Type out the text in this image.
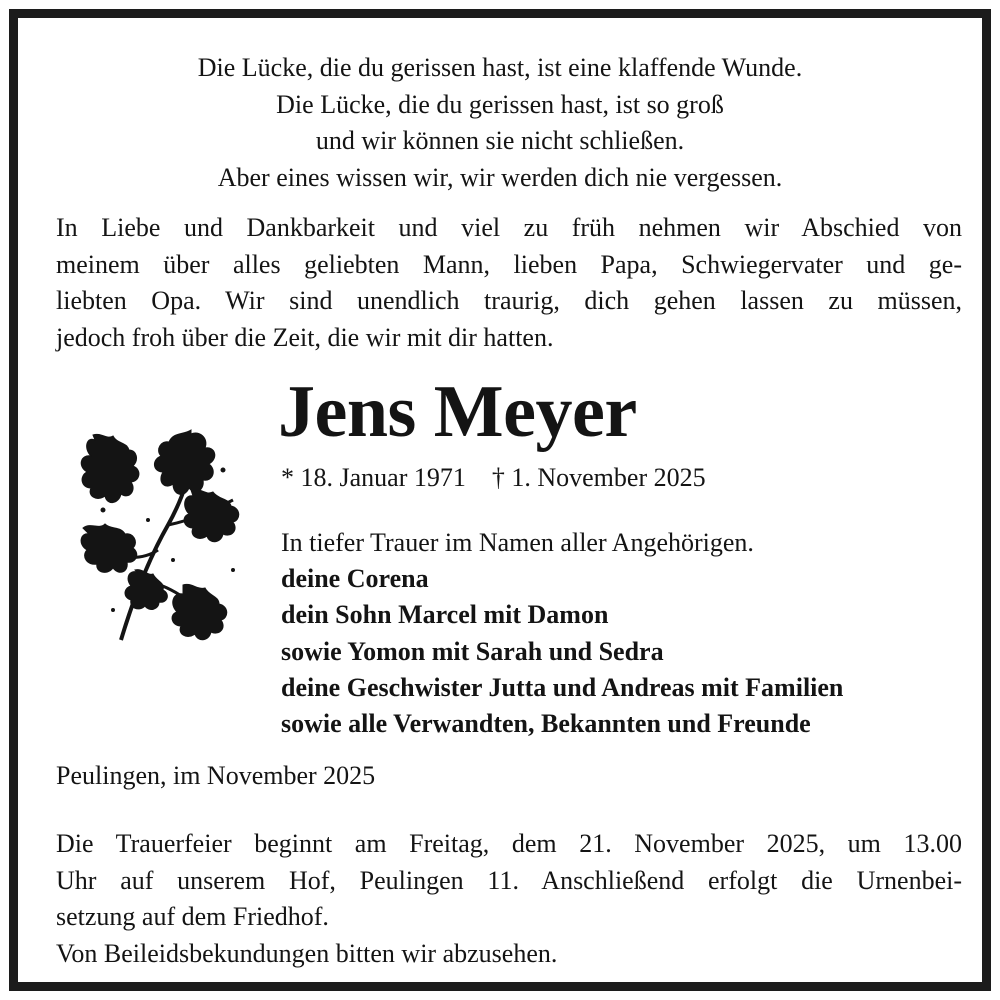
Die Lücke, die du gerissen hast, ist eine klaffende Wunde.
Die Lücke, die du gerissen hast, ist so groß
und wir können sie nicht schließen.
Aber eines wissen wir, wir werden dich nie vergessen.
In Liebe und Dankbarkeit und viel zu früh nehmen wir Abschied von
meinem über alles geliebten Mann, lieben Papa, Schwiegervater und ge-
liebten Opa. Wir sind unendlich traurig, dich gehen lassen zu müssen,
jedoch froh über die Zeit, die wir mit dir hatten.
Jens Meyer
* 18. Januar 1971 † 1. November 2025
In tiefer Trauer im Namen aller Angehörigen.
deine Corena
dein Sohn Marcel mit Damon
sowie Yomon mit Sarah und Sedra
deine Geschwister Jutta und Andreas mit Familien
sowie alle Verwandten, Bekannten und Freunde
Peulingen, im November 2025
Die Trauerfeier beginnt am Freitag, dem 21. November 2025, um 13.00
Uhr auf unserem Hof, Peulingen 11. Anschließend erfolgt die Urnenbei-
setzung auf dem Friedhof.
Von Beileidsbekundungen bitten wir abzusehen.
